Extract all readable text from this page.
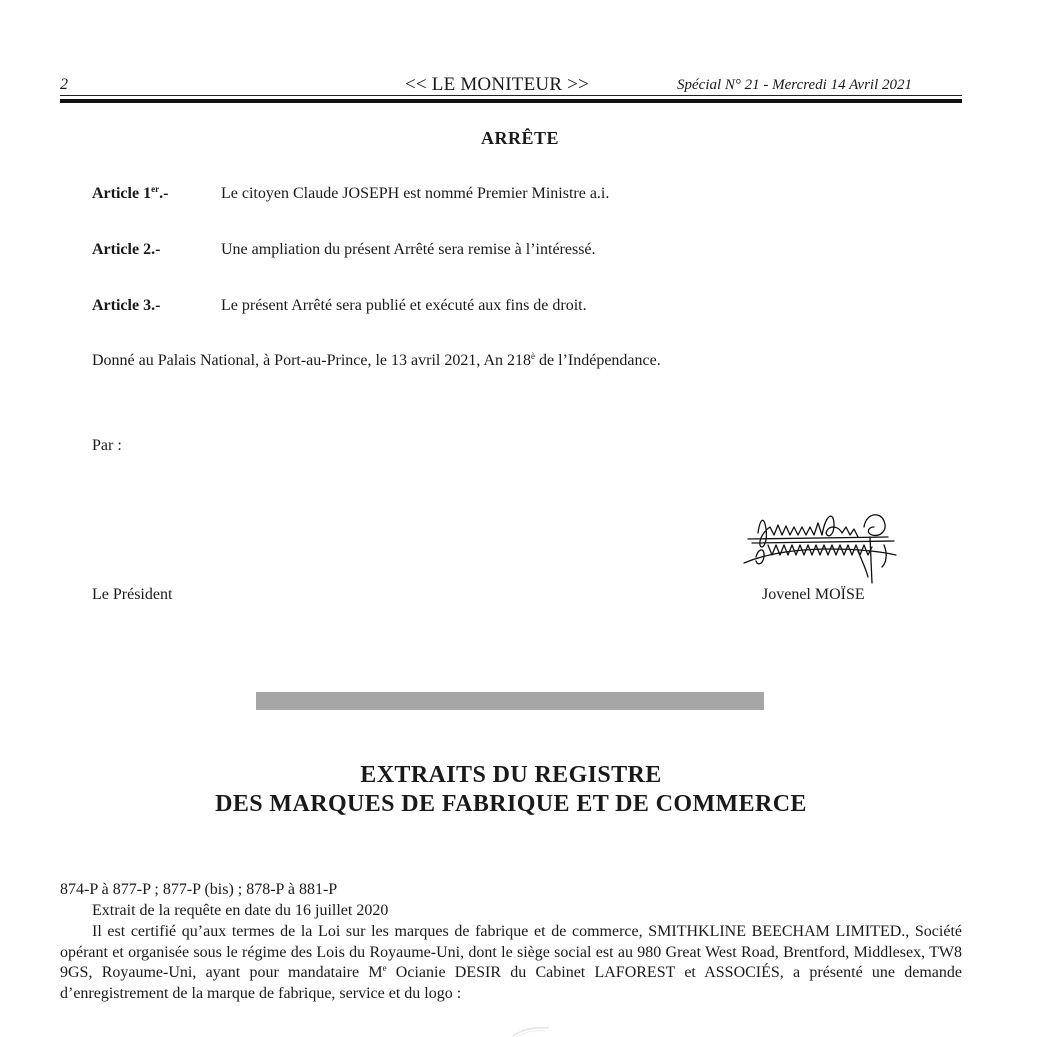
2	<< LE MONITEUR >>	Spécial N° 21 - Mercredi 14 Avril 2021
ARRÊTE
Article 1er.-	Le citoyen Claude JOSEPH est nommé Premier Ministre a.i.
Article 2.-	Une ampliation du présent Arrêté sera remise à l’intéressé.
Article 3.-	Le présent Arrêté sera publié et exécuté aux fins de droit.
Donné au Palais National, à Port-au-Prince, le 13 avril 2021, An $218^è$ de l’Indépendance.
Par :
Le Président	Jovenel MOÏSE
EXTRAITS DU REGISTRE
DES MARQUES DE FABRIQUE ET DE COMMERCE
874-P à 877-P ; 877-P (bis) ; 878-P à 881-P
Extrait de la requête en date du 16 juillet 2020
Il est certifié qu’aux termes de la Loi sur les marques de fabrique et de commerce, SMITHKLINE BEECHAM LIMITED., Société opérant et organisée sous le régime des Lois du Royaume-Uni, dont le siège social est au 980 Great West Road, Brentford, Middlesex, TW8 9GS, Royaume-Uni, ayant pour mandataire Me Ocianie DESIR du Cabinet LAFOREST et ASSOCIÉS, a présenté une demande d’enregistrement de la marque de fabrique, service et du logo :
